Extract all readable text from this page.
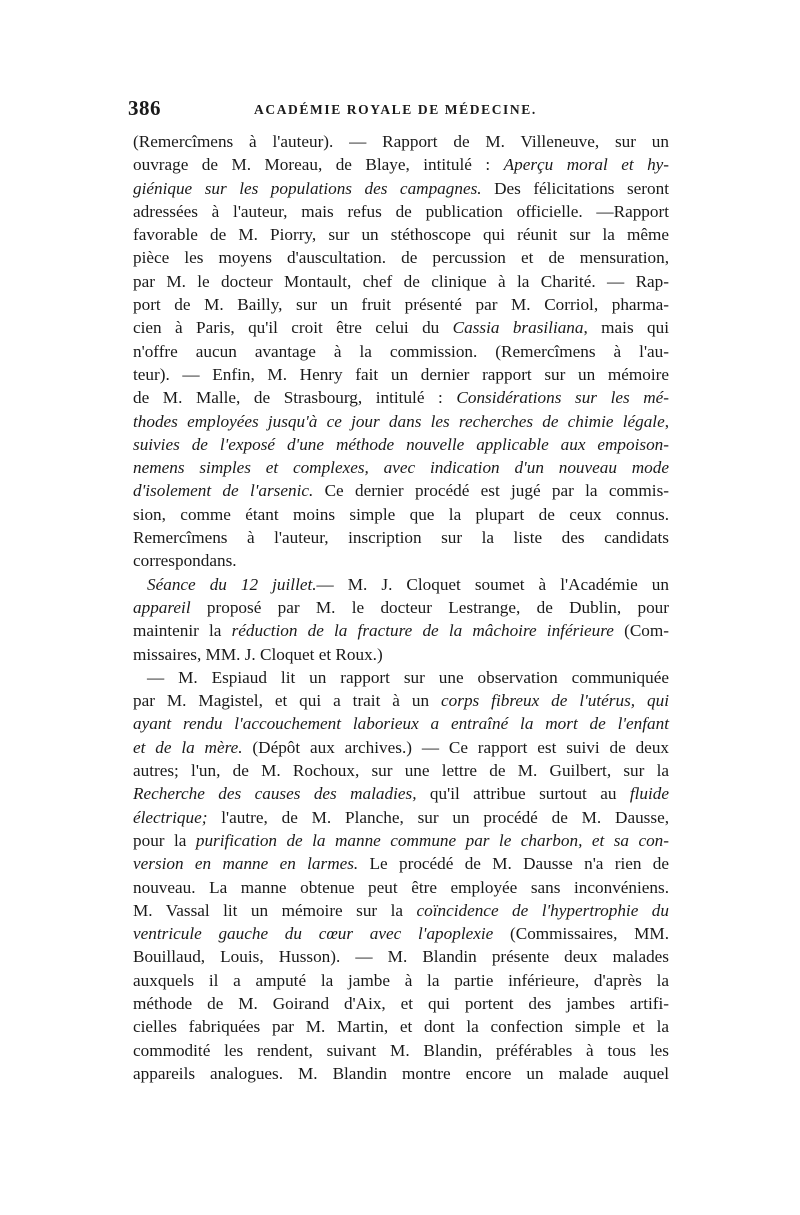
386	ACADÉMIE ROYALE DE MÉDECINE.
(Remercîmens à l'auteur). — Rapport de M. Villeneuve, sur un
ouvrage de M. Moreau, de Blaye, intitulé : Aperçu moral et hy-
giénique sur les populations des campagnes. Des félicitations seront
adressées à l'auteur, mais refus de publication officielle. —Rapport
favorable de M. Piorry, sur un stéthoscope qui réunit sur la même
pièce les moyens d'auscultation. de percussion et de mensuration,
par M. le docteur Montault, chef de clinique à la Charité. — Rap-
port de M. Bailly, sur un fruit présenté par M. Corriol, pharma-
cien à Paris, qu'il croit être celui du Cassia brasiliana, mais qui
n'offre aucun avantage à la commission. (Remercîmens à l'au-
teur). — Enfin, M. Henry fait un dernier rapport sur un mémoire
de M. Malle, de Strasbourg, intitulé : Considérations sur les mé-
thodes employées jusqu'à ce jour dans les recherches de chimie légale,
suivies de l'exposé d'une méthode nouvelle applicable aux empoison-
nemens simples et complexes, avec indication d'un nouveau mode
d'isolement de l'arsenic. Ce dernier procédé est jugé par la commis-
sion, comme étant moins simple que la plupart de ceux connus.
Remercîmens à l'auteur, inscription sur la liste des candidats
correspondans.
Séance du 12 juillet.— M. J. Cloquet soumet à l'Académie un
appareil proposé par M. le docteur Lestrange, de Dublin, pour
maintenir la réduction de la fracture de la mâchoire inférieure (Com-
missaires, MM. J. Cloquet et Roux.)
— M. Espiaud lit un rapport sur une observation communiquée
par M. Magistel, et qui a trait à un corps fibreux de l'utérus, qui
ayant rendu l'accouchement laborieux a entraîné la mort de l'enfant
et de la mère. (Dépôt aux archives.) — Ce rapport est suivi de deux
autres; l'un, de M. Rochoux, sur une lettre de M. Guilbert, sur la
Recherche des causes des maladies, qu'il attribue surtout au fluide
électrique; l'autre, de M. Planche, sur un procédé de M. Dausse,
pour la purification de la manne commune par le charbon, et sa con-
version en manne en larmes. Le procédé de M. Dausse n'a rien de
nouveau. La manne obtenue peut être employée sans inconvéniens.
M. Vassal lit un mémoire sur la coïncidence de l'hypertrophie du
ventricule gauche du cœur avec l'apoplexie (Commissaires, MM.
Bouillaud, Louis, Husson). — M. Blandin présente deux malades
auxquels il a amputé la jambe à la partie inférieure, d'après la
méthode de M. Goirand d'Aix, et qui portent des jambes artifi-
cielles fabriquées par M. Martin, et dont la confection simple et la
commodité les rendent, suivant M. Blandin, préférables à tous les
appareils analogues. M. Blandin montre encore un malade auquel
